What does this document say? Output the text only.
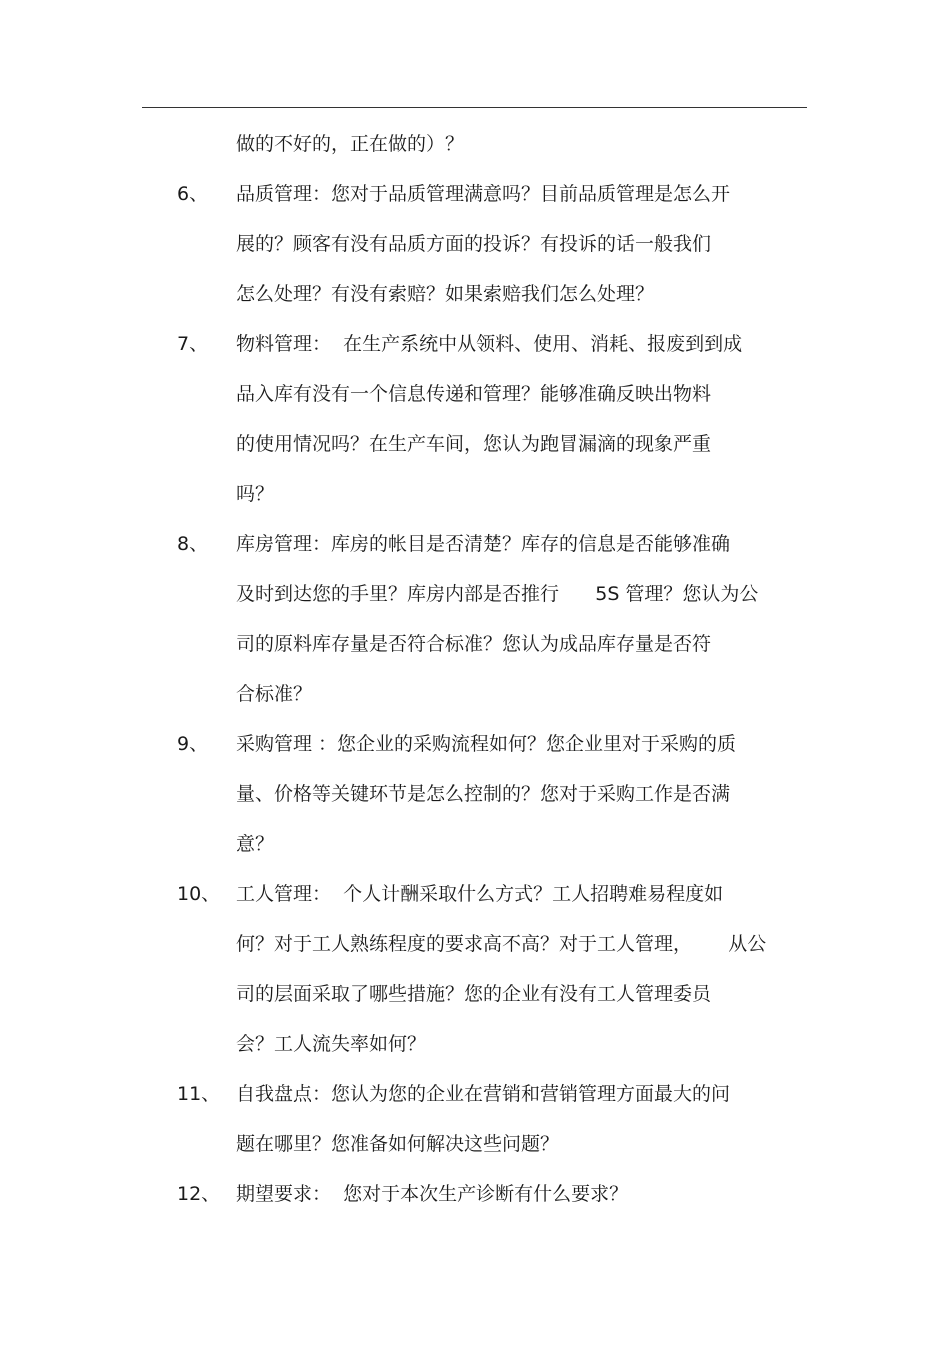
做的不好的，正在做的）？
6、 品质管理：您对于品质管理满意吗？目前品质管理是怎么开
展的？顾客有没有品质方面的投诉？有投诉的话一般我们
怎么处理？有没有索赔？如果索赔我们怎么处理？
7、 物料管理：  在生产系统中从领料、使用、消耗、报废到到成
品入库有没有一个信息传递和管理？能够准确反映出物料
的使用情况吗？在生产车间，您认为跑冒漏滴的现象严重
吗？
8、 库房管理：库房的帐目是否清楚？库存的信息是否能够准确
及时到达您的手里？库房内部是否推行      5S 管理？您认为公
司的原料库存量是否符合标准？您认为成品库存量是否符
合标准？
9、 采购管理 ：您企业的采购流程如何？您企业里对于采购的质
量、价格等关键环节是怎么控制的？您对于采购工作是否满
意？
10、 工人管理：  个人计酬采取什么方式？工人招聘难易程度如
何？对于工人熟练程度的要求高不高？对于工人管理，      从公
司的层面采取了哪些措施？您的企业有没有工人管理委员
会？工人流失率如何？
11、 自我盘点：您认为您的企业在营销和营销管理方面最大的问
题在哪里？您准备如何解决这些问题？
12、 期望要求：  您对于本次生产诊断有什么要求？
